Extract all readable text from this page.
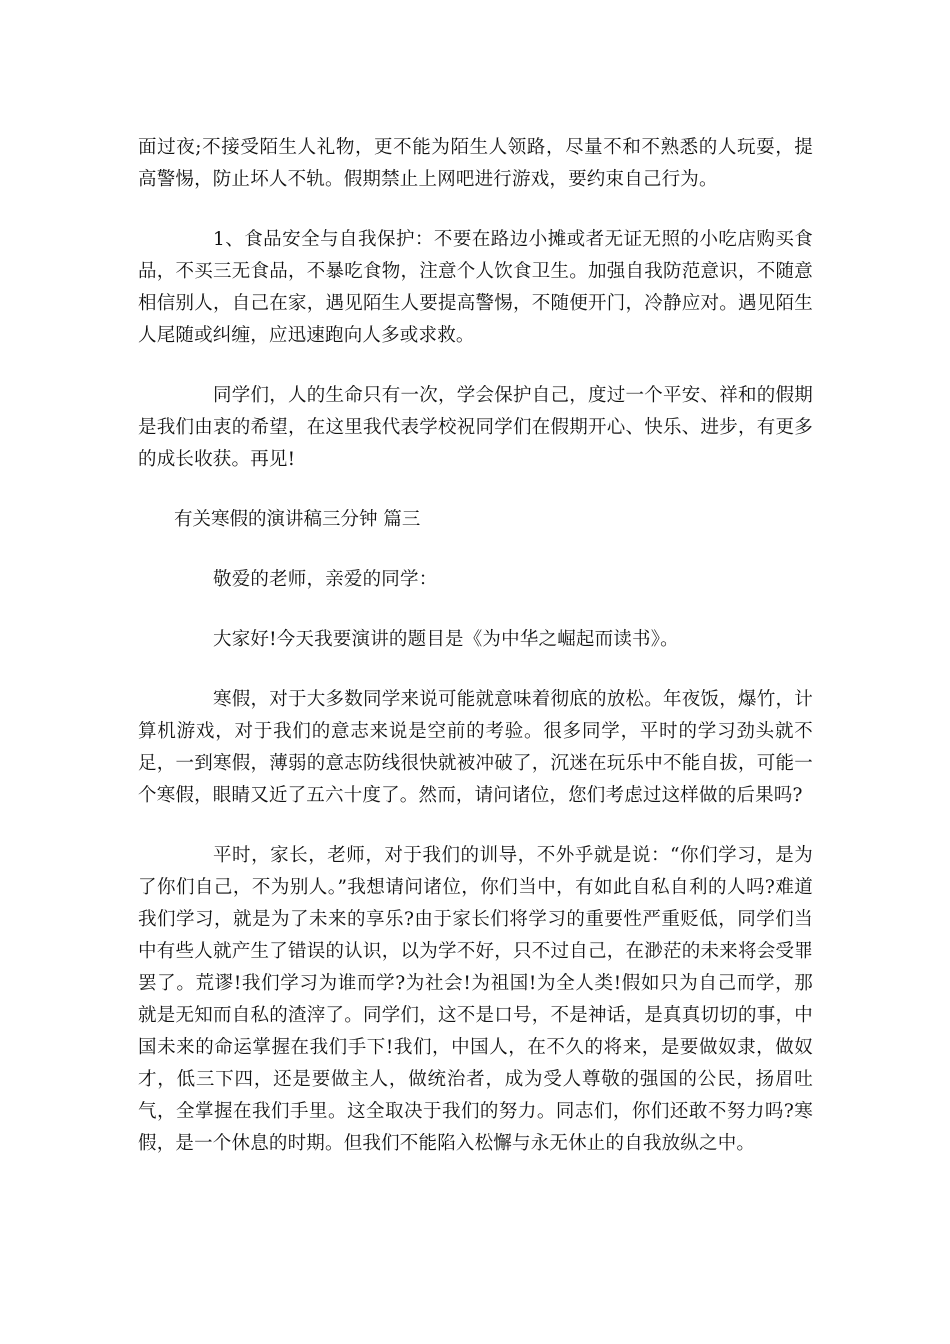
面过夜;不接受陌生人礼物，更不能为陌生人领路，尽量不和不熟悉的人玩耍，提高警惕，防止坏人不轨。假期禁止上网吧进行游戏，要约束自己行为。

1、食品安全与自我保护：不要在路边小摊或者无证无照的小吃店购买食品，不买三无食品，不暴吃食物，注意个人饮食卫生。加强自我防范意识，不随意相信别人，自己在家，遇见陌生人要提高警惕，不随便开门，冷静应对。遇见陌生人尾随或纠缠，应迅速跑向人多或求救。

同学们，人的生命只有一次，学会保护自己，度过一个平安、祥和的假期是我们由衷的希望，在这里我代表学校祝同学们在假期开心、快乐、进步，有更多的成长收获。再见!

有关寒假的演讲稿三分钟 篇三

敬爱的老师，亲爱的同学：

大家好!今天我要演讲的题目是《为中华之崛起而读书》。

寒假，对于大多数同学来说可能就意味着彻底的放松。年夜饭，爆竹，计算机游戏，对于我们的意志来说是空前的考验。很多同学，平时的学习劲头就不足，一到寒假，薄弱的意志防线很快就被冲破了，沉迷在玩乐中不能自拔，可能一个寒假，眼睛又近了五六十度了。然而，请问诸位，您们考虑过这样做的后果吗?

平时，家长，老师，对于我们的训导，不外乎就是说：“你们学习，是为了你们自己，不为别人。”我想请问诸位，你们当中，有如此自私自利的人吗?难道我们学习，就是为了未来的享乐?由于家长们将学习的重要性严重贬低，同学们当中有些人就产生了错误的认识，以为学不好，只不过自己，在渺茫的未来将会受罪罢了。荒谬!我们学习为谁而学?为社会!为祖国!为全人类!假如只为自己而学，那就是无知而自私的渣滓了。同学们，这不是口号，不是神话，是真真切切的事，中国未来的命运掌握在我们手下!我们，中国人，在不久的将来，是要做奴隶，做奴才，低三下四，还是要做主人，做统治者，成为受人尊敬的强国的公民，扬眉吐气，全掌握在我们手里。这全取决于我们的努力。同志们，你们还敢不努力吗?寒假，是一个休息的时期。但我们不能陷入松懈与永无休止的自我放纵之中。
